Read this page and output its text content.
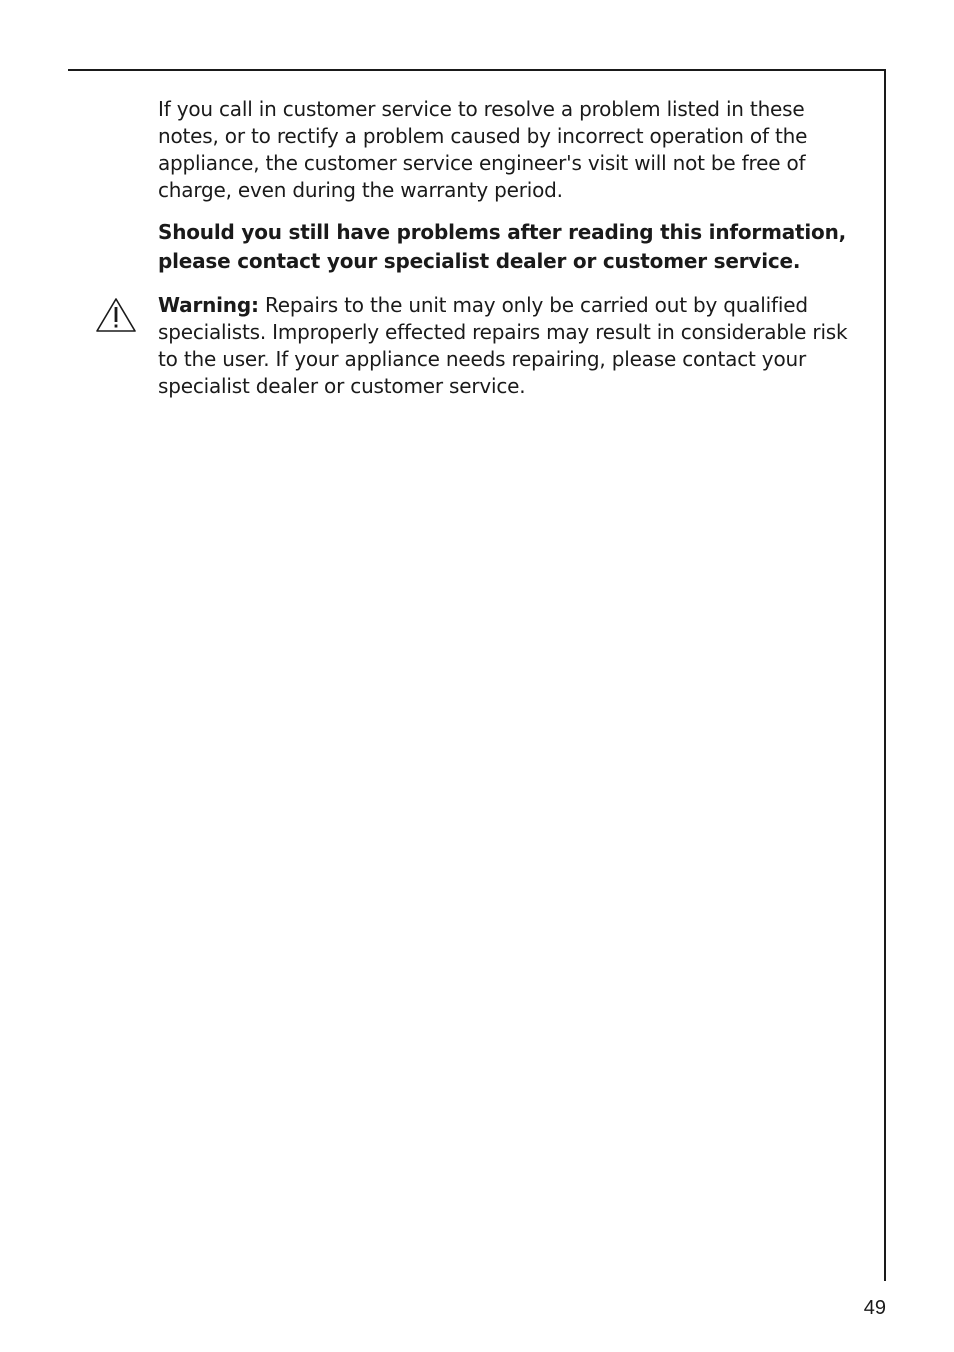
If you call in customer service to resolve a problem listed in these notes, or to rectify a problem caused by incorrect operation of the appliance, the customer service engineer's visit will not be free of charge, even during the warranty period.

Should you still have problems after reading this information, please contact your specialist dealer or customer service.

Warning: Repairs to the unit may only be carried out by qualified specialists. Improperly effected repairs may result in considerable risk to the user. If your appliance needs repairing, please contact your specialist dealer or customer service.

49
